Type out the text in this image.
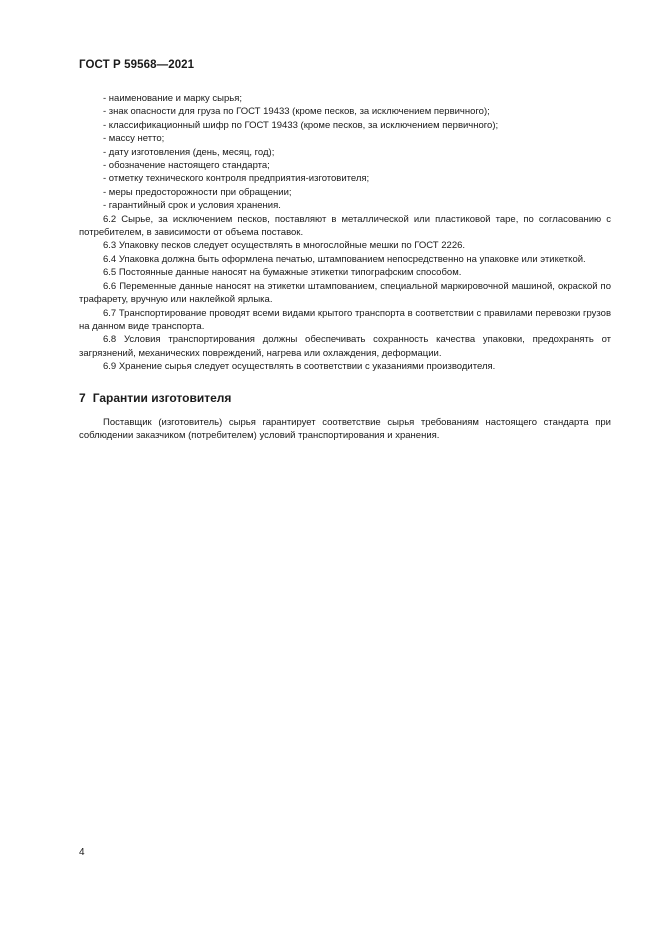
ГОСТ Р 59568—2021

- наименование и марку сырья;

- знак опасности для груза по ГОСТ 19433 (кроме песков, за исключением первичного);

- классификационный шифр по ГОСТ 19433 (кроме песков, за исключением первичного);

- массу нетто;

- дату изготовления (день, месяц, год);

- обозначение настоящего стандарта;

- отметку технического контроля предприятия-изготовителя;

- меры предосторожности при обращении;

- гарантийный срок и условия хранения.

6.2 Сырье, за исключением песков, поставляют в металлической или пластиковой таре, по согласованию с потребителем, в зависимости от объема поставок.

6.3 Упаковку песков следует осуществлять в многослойные мешки по ГОСТ 2226.

6.4 Упаковка должна быть оформлена печатью, штампованием непосредственно на упаковке или этикеткой.

6.5 Постоянные данные наносят на бумажные этикетки типографским способом.

6.6 Переменные данные наносят на этикетки штампованием, специальной маркировочной машиной, окраской по трафарету, вручную или наклейкой ярлыка.

6.7 Транспортирование проводят всеми видами крытого транспорта в соответствии с правилами перевозки грузов на данном виде транспорта.

6.8 Условия транспортирования должны обеспечивать сохранность качества упаковки, предохранять от загрязнений, механических повреждений, нагрева или охлаждения, деформации.

6.9 Хранение сырья следует осуществлять в соответствии с указаниями производителя.

7 Гарантии изготовителя

Поставщик (изготовитель) сырья гарантирует соответствие сырья требованиям настоящего стандарта при соблюдении заказчиком (потребителем) условий транспортирования и хранения.

4
